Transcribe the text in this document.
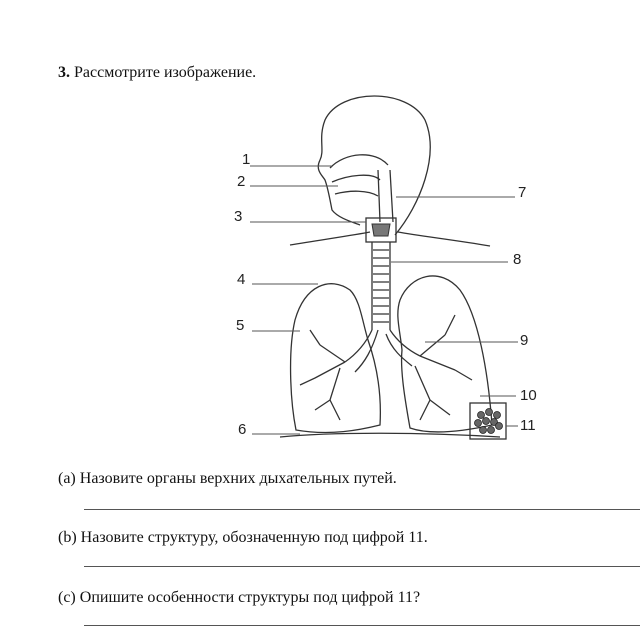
3. Рассмотрите изображение.
1
2
3
4
5
6
7
8
9
10
11
(a) Назовите органы верхних дыхательных путей.
(b) Назовите структуру, обозначенную под цифрой 11.
(c) Опишите особенности структуры под цифрой 11?
